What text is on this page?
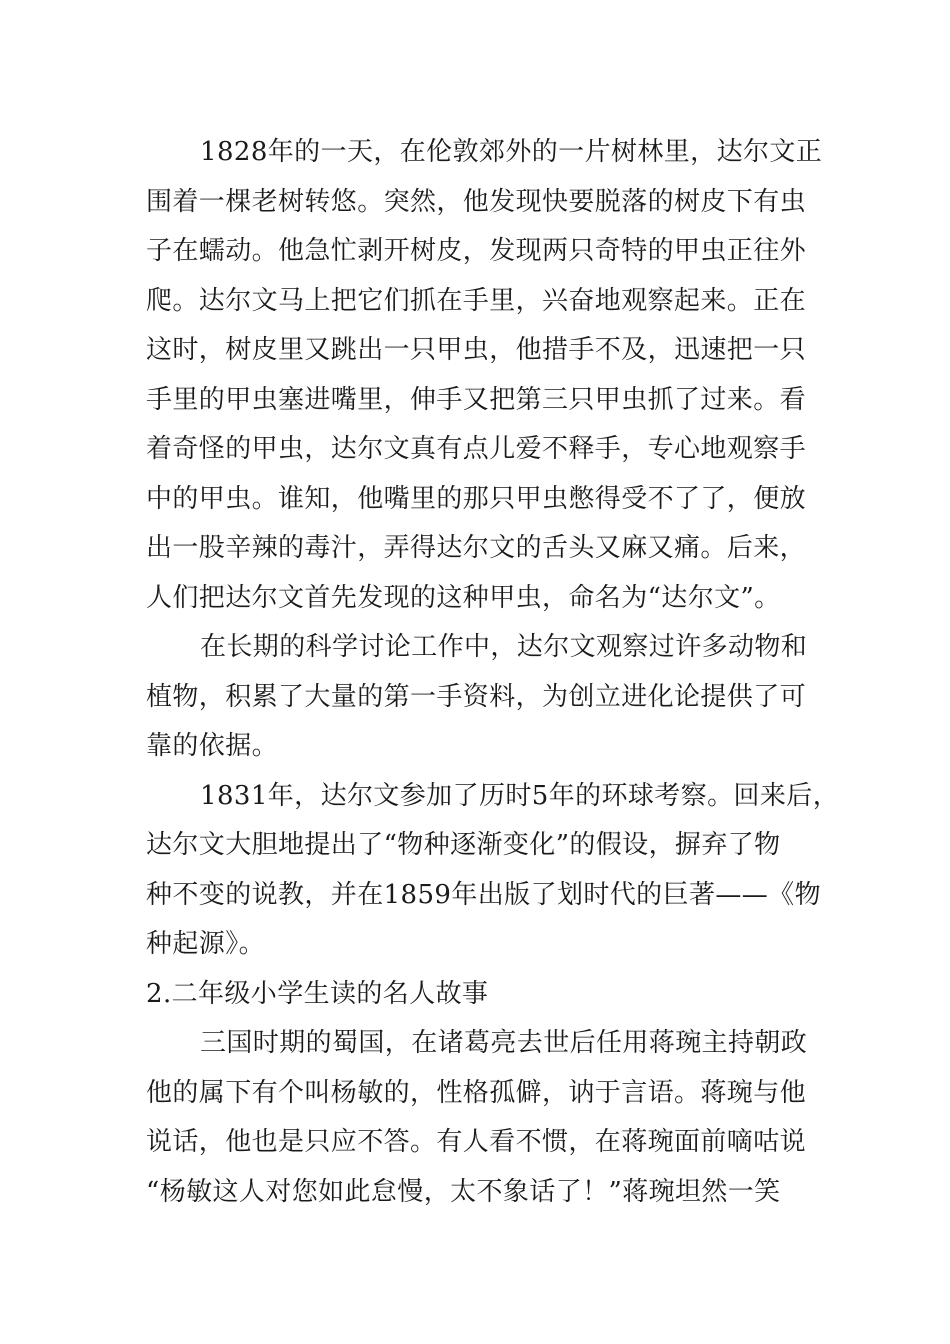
1828年的一天，在伦敦郊外的一片树林里，达尔文正
围着一棵老树转悠。突然，他发现快要脱落的树皮下有虫
子在蠕动。他急忙剥开树皮，发现两只奇特的甲虫正往外
爬。达尔文马上把它们抓在手里，兴奋地观察起来。正在
这时，树皮里又跳出一只甲虫，他措手不及，迅速把一只
手里的甲虫塞进嘴里，伸手又把第三只甲虫抓了过来。看
着奇怪的甲虫，达尔文真有点儿爱不释手，专心地观察手
中的甲虫。谁知，他嘴里的那只甲虫憋得受不了了，便放
出一股辛辣的毒汁，弄得达尔文的舌头又麻又痛。后来，
人们把达尔文首先发现的这种甲虫，命名为“达尔文”。
在长期的科学讨论工作中，达尔文观察过许多动物和
植物，积累了大量的第一手资料，为创立进化论提供了可
靠的依据。
1831年，达尔文参加了历时5年的环球考察。回来后，
达尔文大胆地提出了“物种逐渐变化”的假设，摒弃了物
种不变的说教，并在1859年出版了划时代的巨著——《物
种起源》。
2.二年级小学生读的名人故事
三国时期的蜀国，在诸葛亮去世后任用蒋琬主持朝政
他的属下有个叫杨敏的，性格孤僻，讷于言语。蒋琬与他
说话，他也是只应不答。有人看不惯，在蒋琬面前嘀咕说
“杨敏这人对您如此怠慢，太不象话了！”蒋琬坦然一笑
